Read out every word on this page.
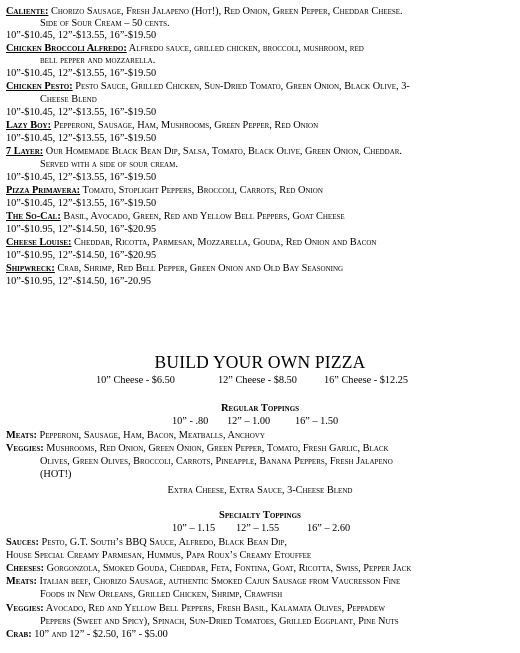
Caliente: Chorizo Sausage, Fresh Jalapeno (Hot!), Red Onion, Green Pepper, Cheddar Cheese.
Side of Sour Cream – 50 cents.
10”-$10.45, 12”-$13.55, 16”-$19.50
Chicken Broccoli Alfredo: Alfredo sauce, grilled chicken, broccoli, mushroom, red
bell pepper and mozzarella.
10”-$10.45, 12”-$13.55, 16”-$19.50
Chicken Pesto: Pesto Sauce, Grilled Chicken, Sun-Dried Tomato, Green Onion, Black Olive, 3-
Cheese Blend
10”-$10.45, 12”-$13.55, 16”-$19.50
Lazy Boy: Pepperoni, Sausage, Ham, Mushrooms, Green Pepper, Red Onion
10”-$10.45, 12”-$13.55, 16”-$19.50
7 Layer: Our Homemade Black Bean Dip, Salsa, Tomato, Black Olive, Green Onion, Cheddar.
Served with a side of sour cream.
10”-$10.45, 12”-$13.55, 16”-$19.50
Pizza Primavera: Tomato, Stoplight Peppers, Broccoli, Carrots, Red Onion
10”-$10.45, 12”-$13.55, 16”-$19.50
The So-Cal: Basil, Avocado, Green, Red and Yellow Bell Peppers, Goat Cheese
10”-$10.95, 12”-$14.50, 16”-$20.95
Cheese Louise: Cheddar, Ricotta, Parmesan, Mozzarella, Gouda, Red Onion and Bacon
10”-$10.95, 12”-$14.50, 16”-$20.95
Shipwreck: Crab, Shrimp, Red Bell Pepper, Green Onion and Old Bay Seasoning
10”-$10.95, 12”-$14.50, 16”-20.95
BUILD YOUR OWN PIZZA
10” Cheese - $6.50	12” Cheese - $8.50	16” Cheese - $12.25
Regular Toppings
10” - .80 12” – 1.00 16” – 1.50
Meats: Pepperoni, Sausage, Ham, Bacon, Meatballs, Anchovy
Veggies: Mushrooms, Red Onion, Green Onion, Green Pepper, Tomato, Fresh Garlic, Black
Olives, Green Olives, Broccoli, Carrots, Pineapple, Banana Peppers, Fresh Jalapeno
(HOT!)
Extra Cheese, Extra Sauce, 3-Cheese Blend
Specialty Toppings
10” – 1.15 12” – 1.55	16” – 2.60
Sauces: Pesto, G.T. South’s BBQ Sauce, Alfredo, Black Bean Dip,
House Special Creamy Parmesan, Hummus, Papa Roux’s Creamy Etouffee
Cheeses: Gorgonzola, Smoked Gouda, Cheddar, Feta, Fontina, Goat, Ricotta, Swiss, Pepper Jack
Meats: Italian beef, Chorizo Sausage, authentic Smoked Cajun Sausage from Vaucresson Fine
Foods in New Orleans, Grilled Chicken, Shrimp, Crawfish
Veggies: Avocado, Red and Yellow Bell Peppers, Fresh Basil, Kalamata Olives, Peppadew
Peppers (Sweet and Spicy), Spinach, Sun-Dried Tomatoes, Grilled Eggplant, Pine Nuts
Crab: 10” and 12” - $2.50, 16” - $5.00
